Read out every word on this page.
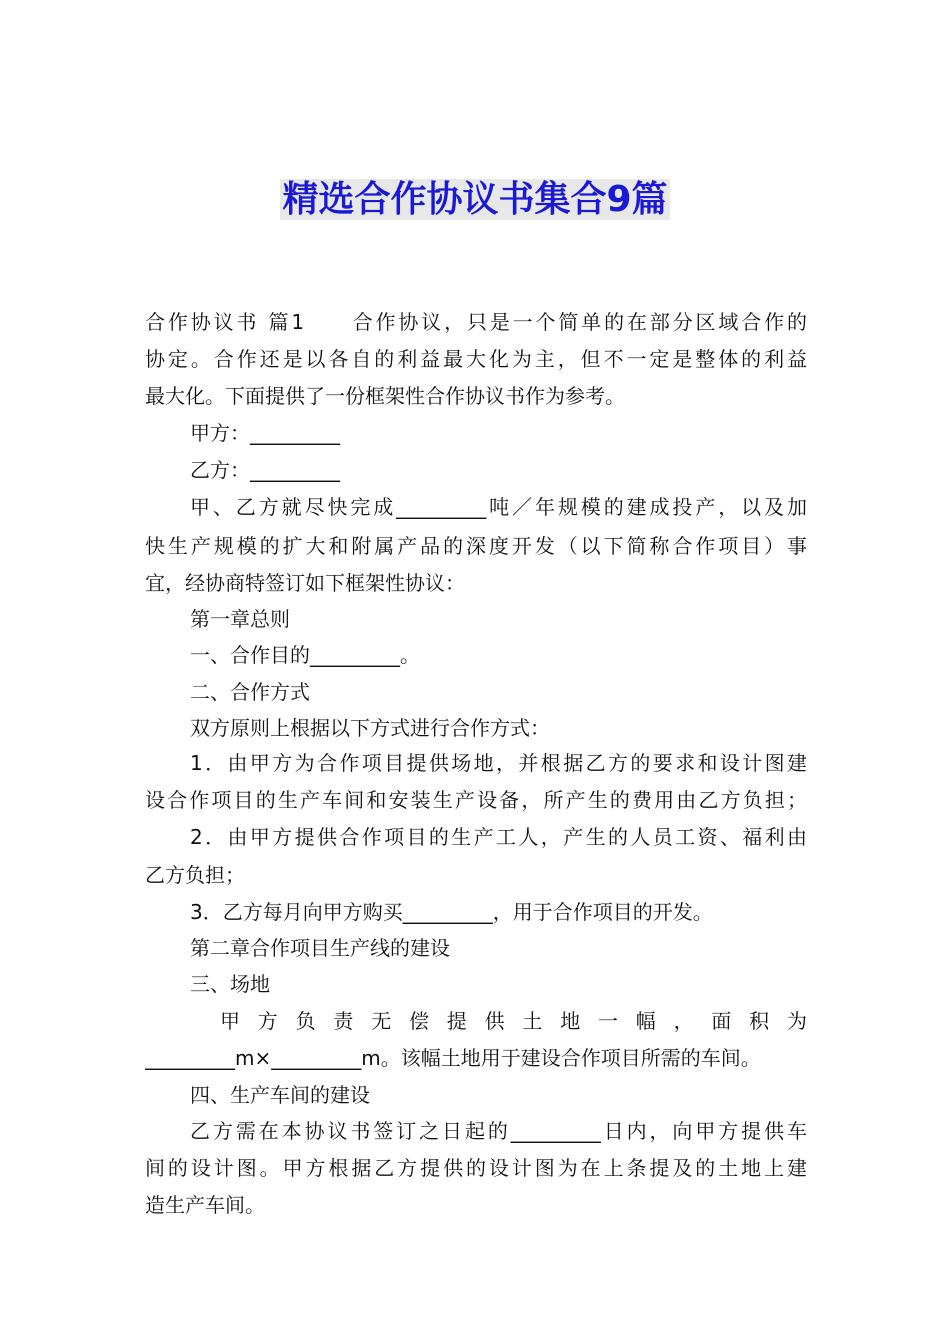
精选合作协议书集合9篇
合作协议书 篇1　　合作协议，只是一个简单的在部分区域合作的
协定。合作还是以各自的利益最大化为主，但不一定是整体的利益
最大化。下面提供了一份框架性合作协议书作为参考。
甲方：_________
乙方：_________
甲、乙方就尽快完成_________吨／年规模的建成投产，以及加
快生产规模的扩大和附属产品的深度开发（以下简称合作项目）事
宜，经协商特签订如下框架性协议：
第一章总则
一、合作目的_________。
二、合作方式
双方原则上根据以下方式进行合作方式：
1．由甲方为合作项目提供场地，并根据乙方的要求和设计图建
设合作项目的生产车间和安装生产设备，所产生的费用由乙方负担；
2．由甲方提供合作项目的生产工人，产生的人员工资、福利由
乙方负担；
3．乙方每月向甲方购买_________，用于合作项目的开发。
第二章合作项目生产线的建设
三、场地
甲 方 负 责 无 偿 提 供 土 地 一 幅 ， 面 积 为
_________m×_________m。该幅土地用于建设合作项目所需的车间。
四、生产车间的建设
乙方需在本协议书签订之日起的_________日内，向甲方提供车
间的设计图。甲方根据乙方提供的设计图为在上条提及的土地上建
造生产车间。
